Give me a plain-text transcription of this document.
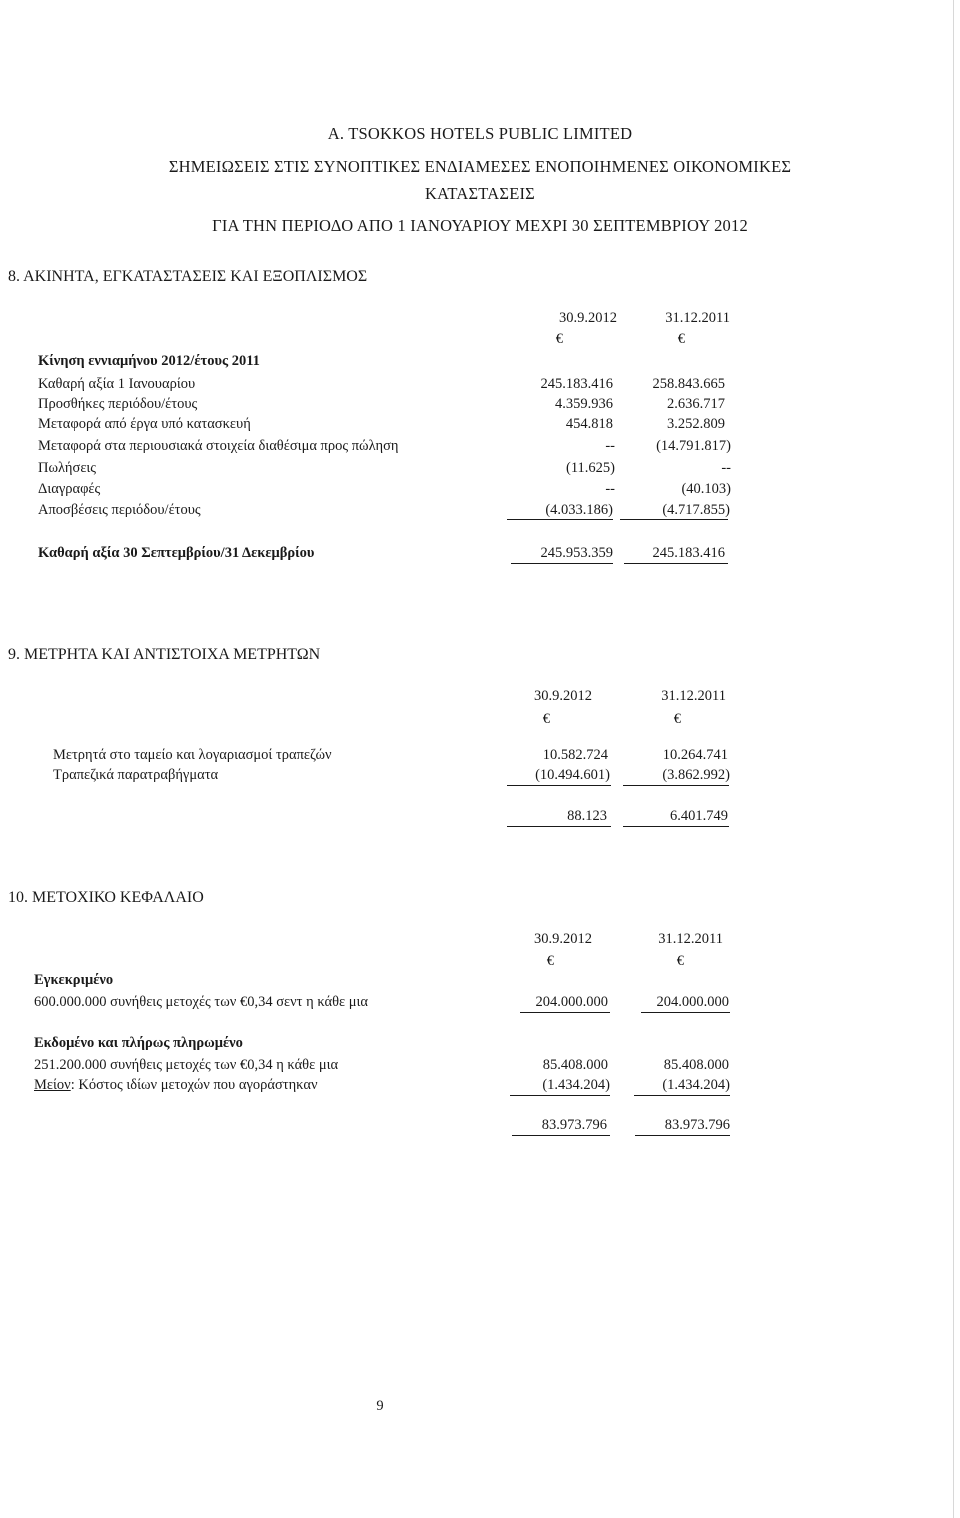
A. TSOKKOS HOTELS PUBLIC LIMITED
ΣΗΜΕΙΩΣΕΙΣ ΣΤΙΣ ΣΥΝΟΠΤΙΚΕΣ ΕΝΔΙΑΜΕΣΕΣ ΕΝΟΠΟΙΗΜΕΝΕΣ ΟΙΚΟΝΟΜΙΚΕΣ
ΚΑΤΑΣΤΑΣΕΙΣ
ΓΙΑ ΤΗΝ ΠΕΡΙΟΔΟ ΑΠΟ 1 ΙΑΝΟΥΑΡΙΟΥ ΜΕΧΡΙ 30 ΣΕΠΤΕΜΒΡΙΟΥ 2012
8. ΑΚΙΝΗΤΑ, ΕΓΚΑΤΑΣΤΑΣΕΙΣ ΚΑΙ ΕΞΟΠΛΙΣΜΟΣ
30.9.2012	31.12.2011
€	€
Κίνηση εννιαμήνου 2012/έτους 2011
Καθαρή αξία 1 Ιανουαρίου	245.183.416	258.843.665
Προσθήκες περιόδου/έτους	4.359.936	2.636.717
Μεταφορά από έργα υπό κατασκευή	454.818	3.252.809
Μεταφορά στα περιουσιακά στοιχεία διαθέσιμα προς πώληση	--	(14.791.817)
Πωλήσεις	(11.625)	--
Διαγραφές	--	(40.103)
Αποσβέσεις περιόδου/έτους	(4.033.186)	(4.717.855)
Καθαρή αξία 30 Σεπτεμβρίου/31 Δεκεμβρίου	245.953.359	245.183.416
9. ΜΕΤΡΗΤΑ ΚΑΙ ΑΝΤΙΣΤΟΙΧΑ ΜΕΤΡΗΤΩΝ
30.9.2012	31.12.2011
€	€
Μετρητά στο ταμείο και λογαριασμοί τραπεζών	10.582.724	10.264.741
Τραπεζικά παρατραβήγματα	(10.494.601)	(3.862.992)
88.123	6.401.749
10. ΜΕΤΟΧΙΚΟ ΚΕΦΑΛΑΙΟ
30.9.2012	31.12.2011
€	€
Εγκεκριμένο
600.000.000 συνήθεις μετοχές των €0,34 σεντ η κάθε μια	204.000.000	204.000.000
Εκδομένο και πλήρως πληρωμένο
251.200.000 συνήθεις μετοχές των €0,34 η κάθε μια	85.408.000	85.408.000
Μείον: Κόστος ιδίων μετοχών που αγοράστηκαν	(1.434.204)	(1.434.204)
83.973.796	83.973.796
9
